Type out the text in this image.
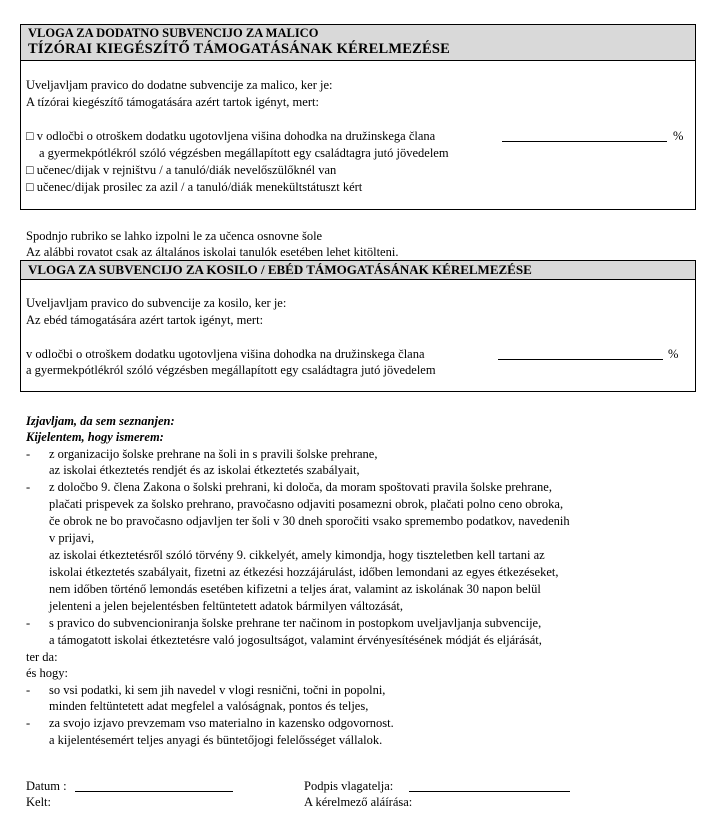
VLOGA ZA DODATNO SUBVENCIJO ZA MALICO
TÍZÓRAI KIEGÉSZÍTŐ TÁMOGATÁSÁNAK KÉRELMEZÉSE
Uveljavljam pravico do dodatne subvencije za malico, ker je:
A tízórai kiegészítő támogatására azért tartok igényt, mert:
□ v odločbi o otroškem dodatku ugotovljena višina dohodka na družinskega člana	%
a gyermekpótlékról szóló végzésben megállapított egy családtagra jutó jövedelem
□ učenec/dijak v rejništvu / a tanuló/diák nevelőszülőknél van
□ učenec/dijak prosilec za azil / a tanuló/diák menekültstátuszt kért
Spodnjo rubriko se lahko izpolni le za učenca osnovne šole
Az alábbi rovatot csak az általános iskolai tanulók esetében lehet kitölteni.
VLOGA ZA SUBVENCIJO ZA KOSILO / EBÉD TÁMOGATÁSÁNAK KÉRELMEZÉSE
Uveljavljam pravico do subvencije za kosilo, ker je:
Az ebéd támogatására azért tartok igényt, mert:
v odločbi o otroškem dodatku ugotovljena višina dohodka na družinskega člana	%
a gyermekpótlékról szóló végzésben megállapított egy családtagra jutó jövedelem
Izjavljam, da sem seznanjen:
Kijelentem, hogy ismerem:
- z organizacijo šolske prehrane na šoli in s pravili šolske prehrane,
az iskolai étkeztetés rendjét és az iskolai étkeztetés szabályait,
- z določbo 9. člena Zakona o šolski prehrani, ki določa, da moram spoštovati pravila šolske prehrane,
plačati prispevek za šolsko prehrano, pravočasno odjaviti posamezni obrok, plačati polno ceno obroka,
če obrok ne bo pravočasno odjavljen ter šoli v 30 dneh sporočiti vsako spremembo podatkov, navedenih
v prijavi,
az iskolai étkeztetésről szóló törvény 9. cikkelyét, amely kimondja, hogy tiszteletben kell tartani az
iskolai étkeztetés szabályait, fizetni az étkezési hozzájárulást, időben lemondani az egyes étkezéseket,
nem időben történő lemondás esetében kifizetni a teljes árat, valamint az iskolának 30 napon belül
jelenteni a jelen bejelentésben feltüntetett adatok bármilyen változását,
- s pravico do subvencioniranja šolske prehrane ter načinom in postopkom uveljavljanja subvencije,
a támogatott iskolai étkeztetésre való jogosultságot, valamint érvényesítésének módját és eljárását,
ter da:
és hogy:
- so vsi podatki, ki sem jih navedel v vlogi resnični, točni in popolni,
minden feltüntetett adat megfelel a valóságnak, pontos és teljes,
- za svojo izjavo prevzemam vso materialno in kazensko odgovornost.
a kijelentésemért teljes anyagi és büntetőjogi felelősséget vállalok.
Datum :
Kelt:
Podpis vlagatelja:
A kérelmező aláírása:
